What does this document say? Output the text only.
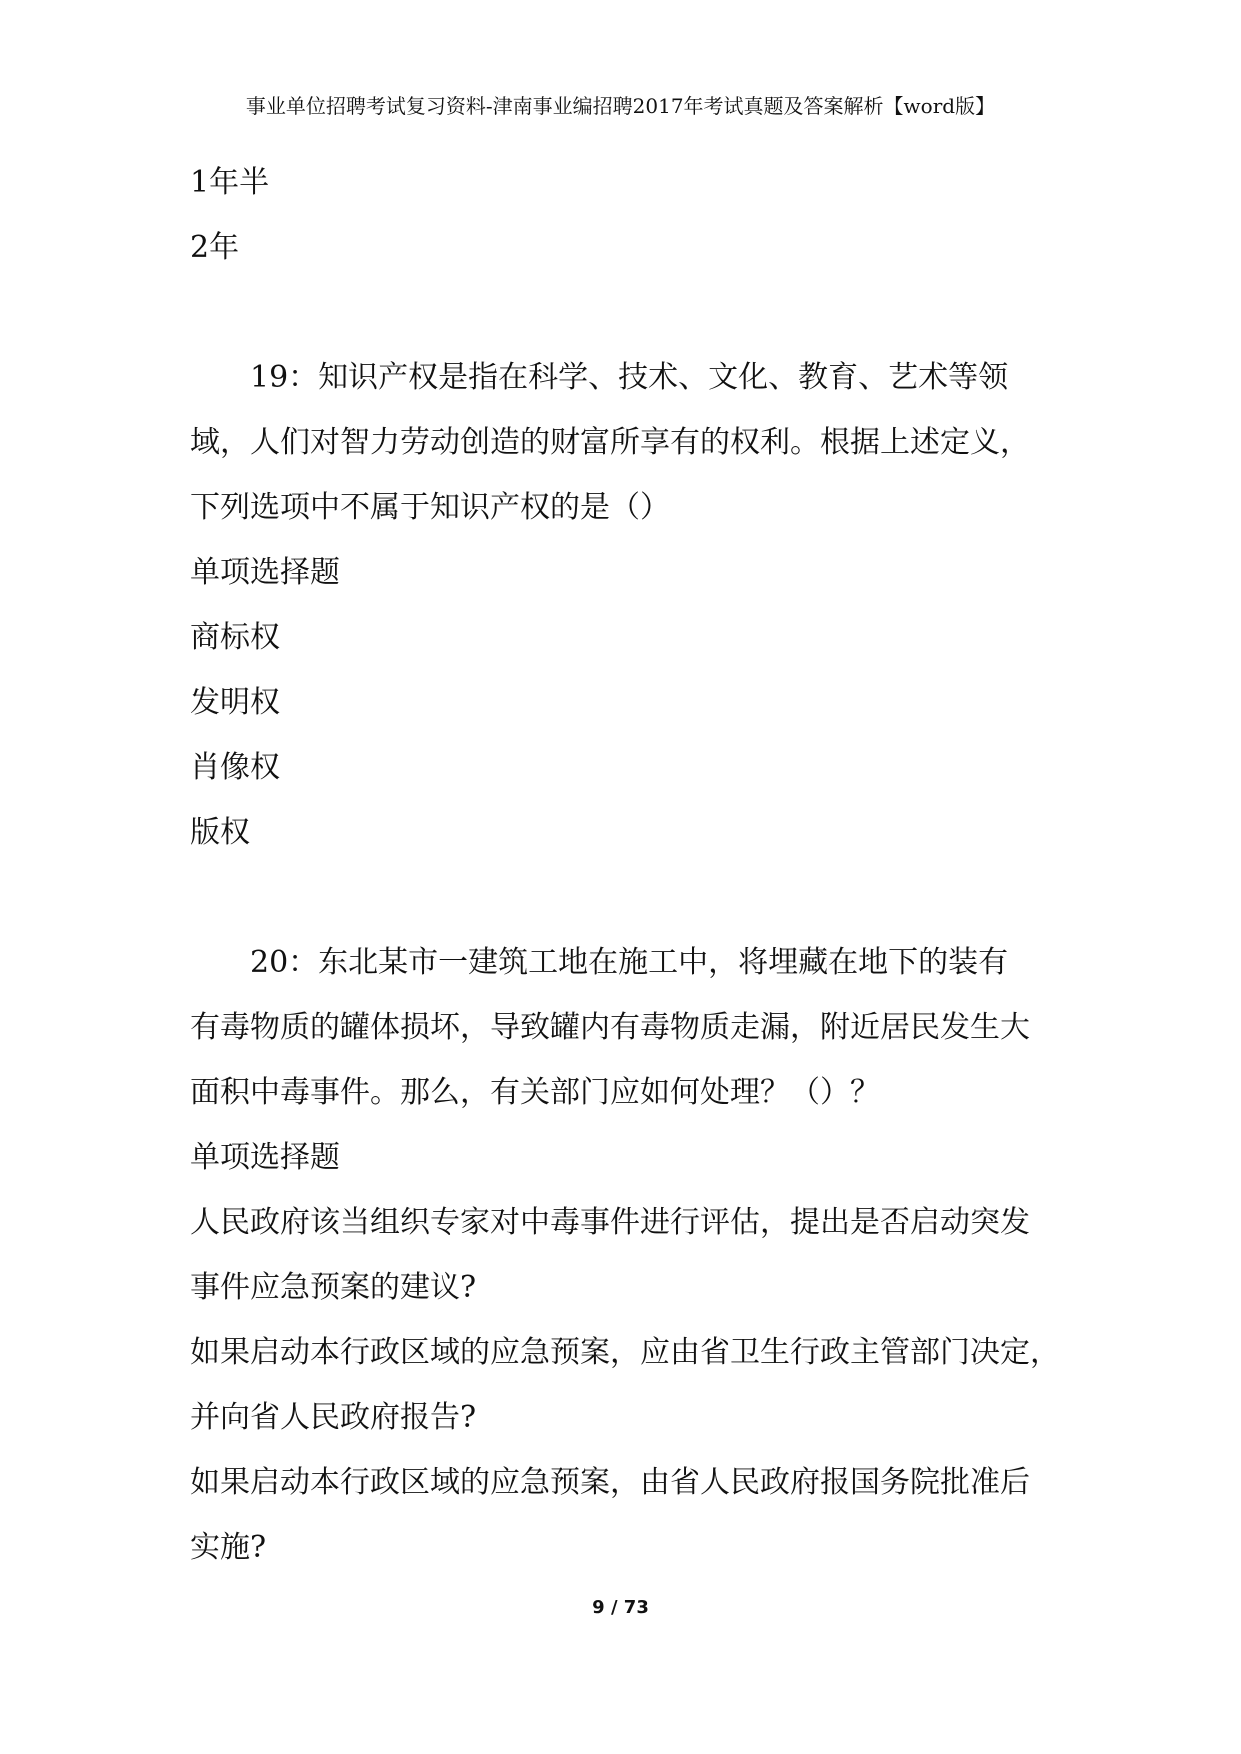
事业单位招聘考试复习资料-津南事业编招聘2017年考试真题及答案解析【word版】
1年半
2年
19：知识产权是指在科学、技术、文化、教育、艺术等领
域，人们对智力劳动创造的财富所享有的权利。根据上述定义，
下列选项中不属于知识产权的是（）
单项选择题
商标权
发明权
肖像权
版权
20：东北某市一建筑工地在施工中，将埋藏在地下的装有
有毒物质的罐体损坏，导致罐内有毒物质走漏，附近居民发生大
面积中毒事件。那么，有关部门应如何处理？（）？
单项选择题
人民政府该当组织专家对中毒事件进行评估，提出是否启动突发
事件应急预案的建议?
如果启动本行政区域的应急预案，应由省卫生行政主管部门决定，
并向省人民政府报告?
如果启动本行政区域的应急预案，由省人民政府报国务院批准后
实施?
9 / 73
